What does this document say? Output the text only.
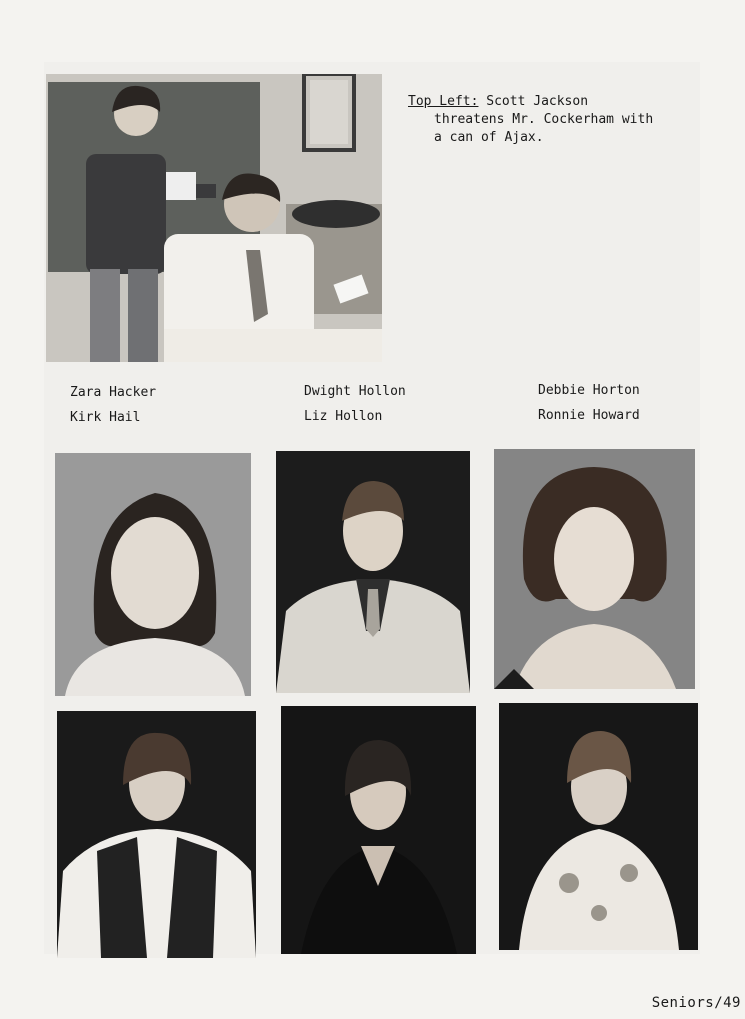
Top Left: Scott Jackson
threatens Mr. Cockerham with
a can of Ajax.
Zara Hacker
Kirk Hail
Dwight Hollon
Liz Hollon
Debbie Horton
Ronnie Howard
Seniors/49
